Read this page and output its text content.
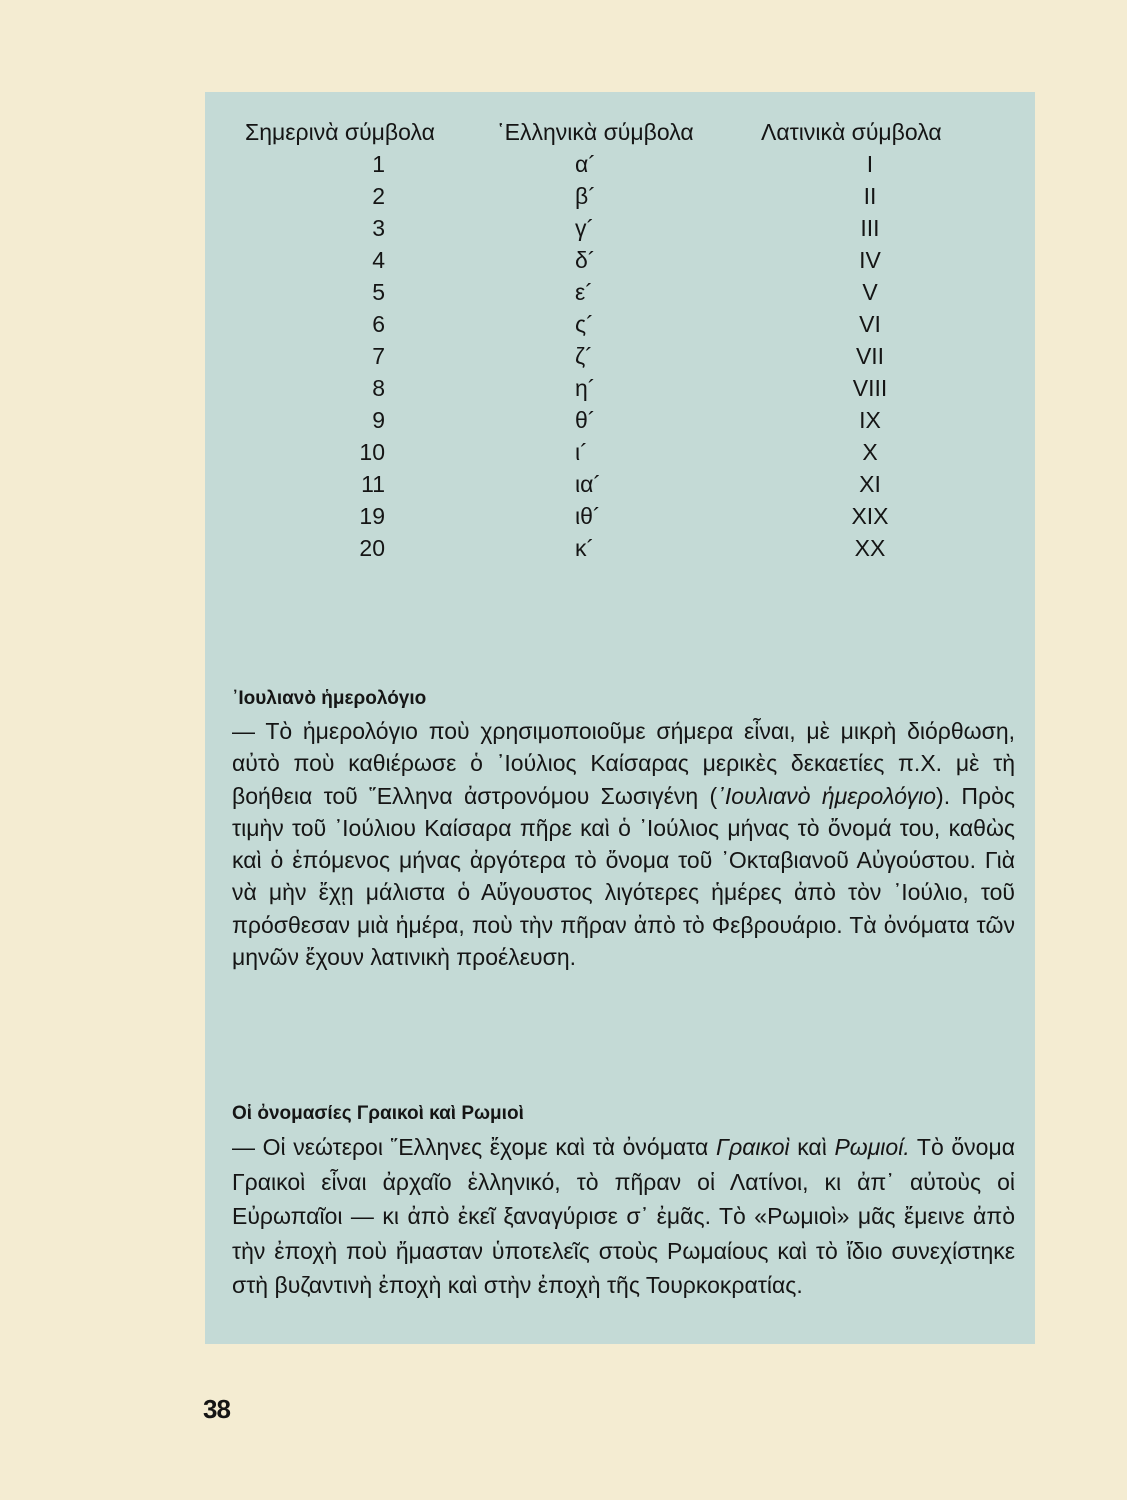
Σημερινὰ σύμβολα	῾Ελληνικὰ σύμβολα	Λατινικὰ σύμβολα
1	α´	I
2	β´	II
3	γ´	III
4	δ´	IV
5	ε´	V
6	ς´	VI
7	ζ´	VII
8	η´	VIII
9	θ´	IX
10	ι´	X
11	ια´	XI
19	ιθ´	XIX
20	κ´	XX
᾿Ιουλιανὸ ἡμερολόγιο

— Τὸ ἡμερολόγιο ποὺ χρησιμοποιοῦμε σήμερα εἶναι, μὲ μικρὴ διόρθωση, αὐτὸ ποὺ καθιέρωσε ὁ ᾿Ιούλιος Καίσαρας μερικὲς δεκαετίες π.Χ. μὲ τὴ βοήθεια τοῦ ῞Ελληνα ἀστρονόμου Σωσιγένη (᾿Ιουλιανὸ ἡμερολόγιο). Πρὸς τιμὴν τοῦ ᾿Ιούλιου Καίσαρα πῆρε καὶ ὁ ᾿Ιούλιος μήνας τὸ ὄνομά του, καθὼς καὶ ὁ ἑπόμενος μήνας ἀργότερα τὸ ὄνομα τοῦ ᾿Οκταβιανοῦ Αὐγούστου. Γιὰ νὰ μὴν ἔχῃ μάλιστα ὁ Αὔγουστος λιγότερες ἡμέρες ἀπὸ τὸν ᾿Ιούλιο, τοῦ πρόσθεσαν μιὰ ἡμέρα, ποὺ τὴν πῆραν ἀπὸ τὸ Φεβρουάριο. Τὰ ὀνόματα τῶν μηνῶν ἔχουν λατινικὴ προέλευση.

Οἱ ὀνομασίες Γραικοὶ καὶ Ρωμιοὶ

— Οἱ νεώτεροι ῞Ελληνες ἔχομε καὶ τὰ ὀνόματα Γραικοὶ καὶ Ρωμιοί. Τὸ ὄνομα Γραικοὶ εἶναι ἀρχαῖο ἑλληνικό, τὸ πῆραν οἱ Λατίνοι, κι ἀπ᾿ αὐτοὺς οἱ Εὐρωπαῖοι — κι ἀπὸ ἐκεῖ ξαναγύρισε σ᾿ ἐμᾶς. Τὸ «Ρωμιοὶ» μᾶς ἔμεινε ἀπὸ τὴν ἐποχὴ ποὺ ἤμασταν ὑποτελεῖς στοὺς Ρωμαίους καὶ τὸ ἴδιο συνεχίστηκε στὴ βυζαντινὴ ἐποχὴ καὶ στὴν ἐποχὴ τῆς Τουρκοκρατίας.

38
